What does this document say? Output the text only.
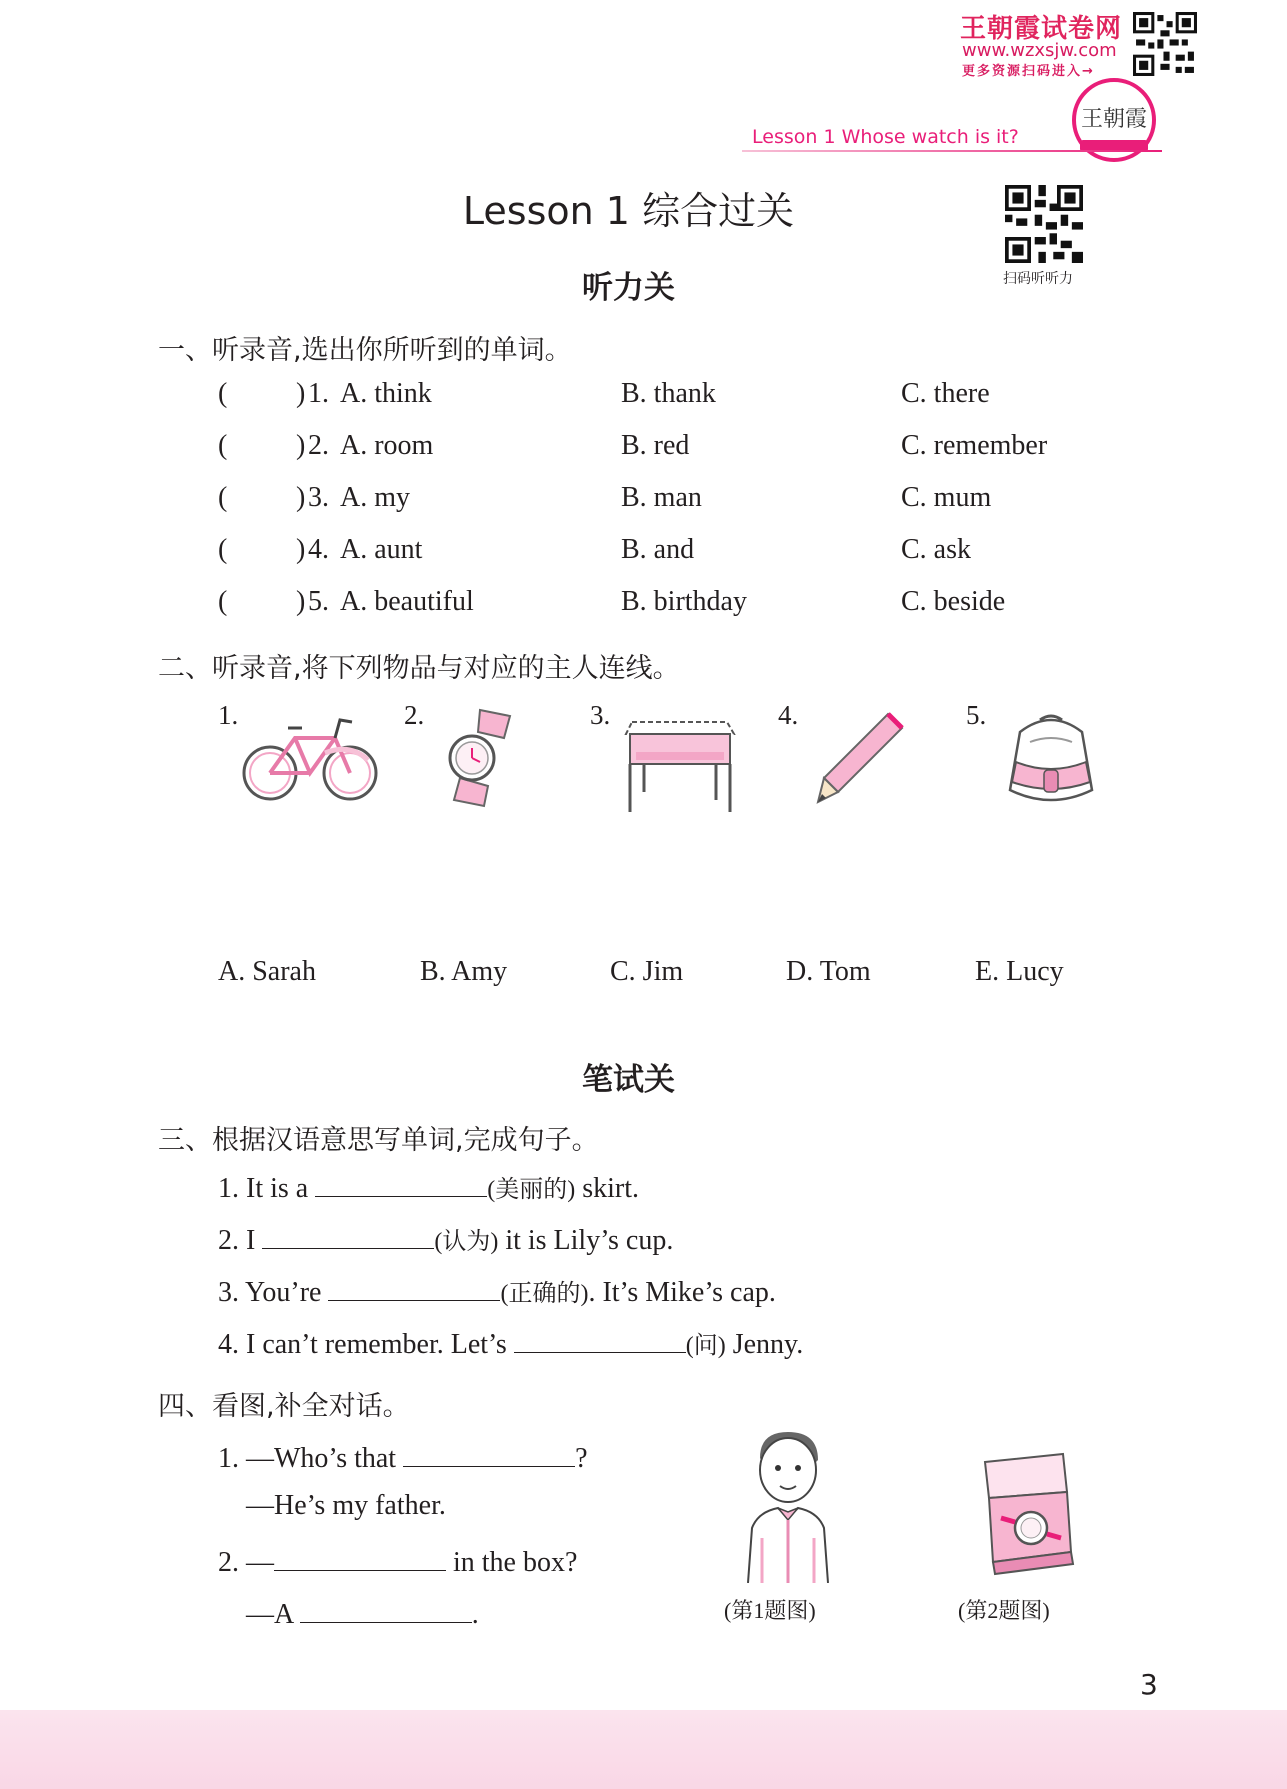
王朝霞试卷网
www.wzxsjw.com
更多资源扫码进入→
王朝霞
Lesson 1 Whose watch is it?
Lesson 1 综合过关
扫码听听力
听力关
一、听录音,选出你所听到的单词。
( ) 1. A. think	B. thank	C. there
( ) 2. A. room	B. red	C. remember
( ) 3. A. my	B. man	C. mum
( ) 4. A. aunt	B. and	C. ask
( ) 5. A. beautiful	B. birthday	C. beside
二、听录音,将下列物品与对应的主人连线。
1.	2.	3.	4.	5.
A. Sarah	B. Amy	C. Jim	D. Tom	E. Lucy
笔试关
三、根据汉语意思写单词,完成句子。
1. It is a	(美丽的) skirt.
2. I	(认为) it is Lily’s cup.
3. You’re	(正确的). It’s Mike’s cap.
4. I can’t remember. Let’s	(问) Jenny.
四、看图,补全对话。
1. —Who’s that	?
—He’s my father.
2. —	in the box?
—A	.	(第1题图)	(第2题图)
3
